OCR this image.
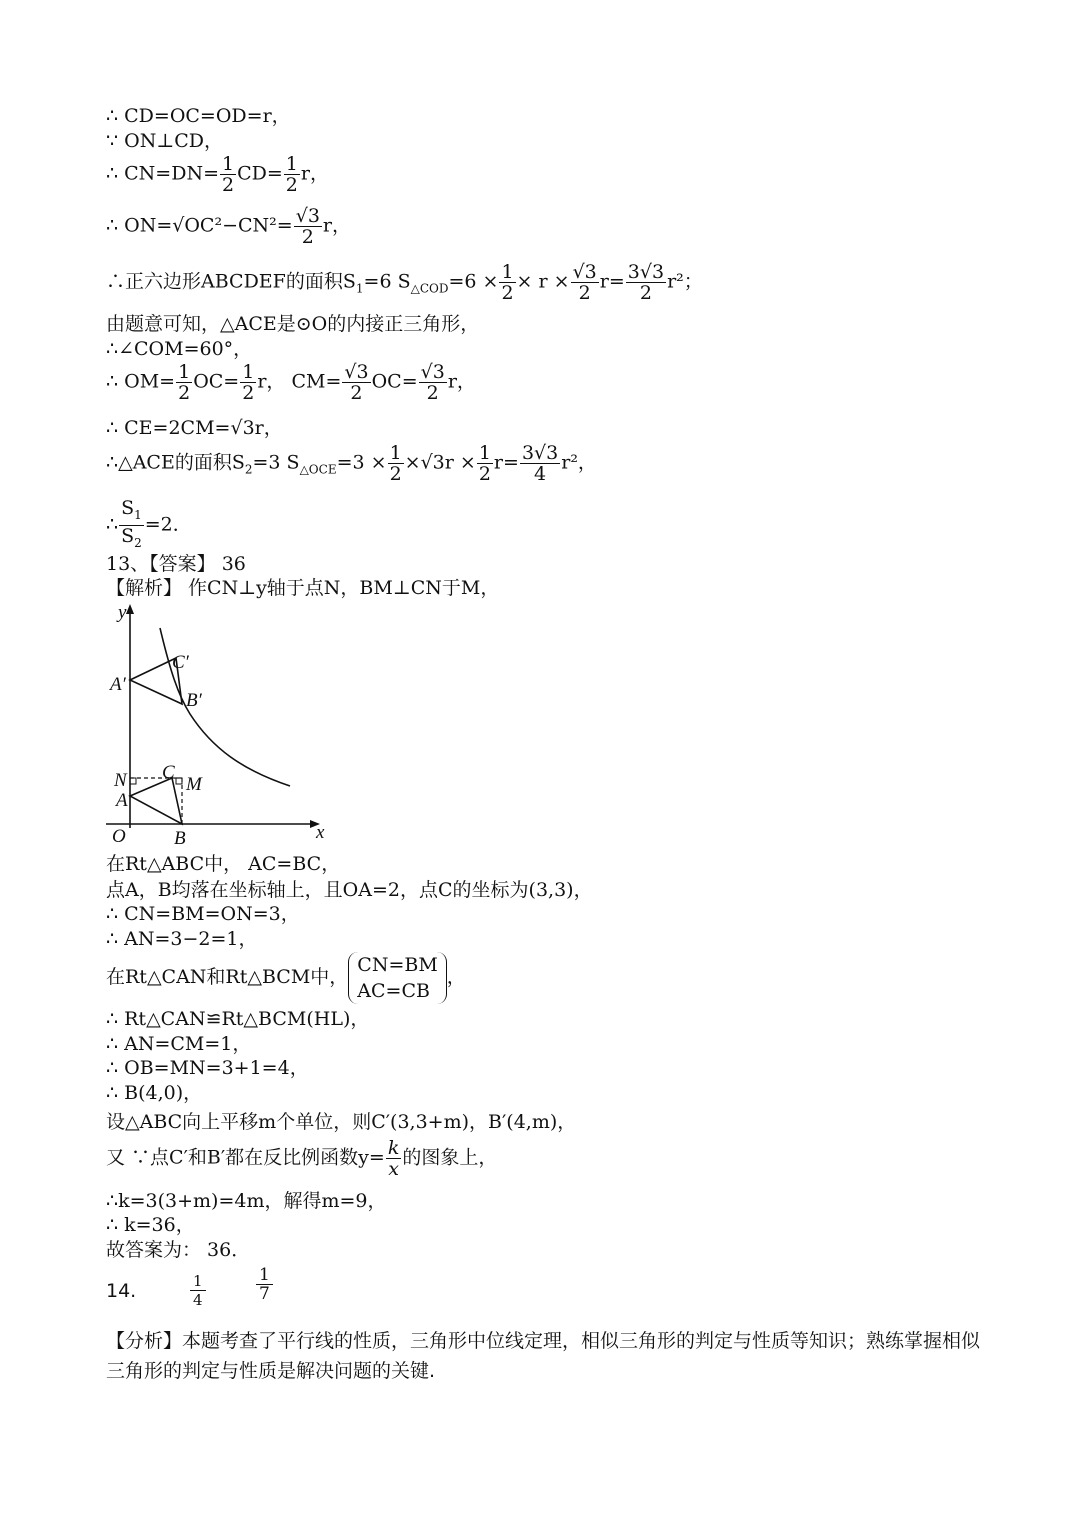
∴ CD=OC=OD=r，
∵ ON⊥CD，
∴ $CN=DN= \frac{1}{2} CD= \frac{1}{2}$ r，
∴ $ON=√OC^2-CN^2= \frac{√3}{2}$ r，
∴正六边形ABCDEF的面积$S_1=6$ $S_{\triangle COD}=6 \times \frac{1}{2} \times r \times \frac{√3}{2} r= \frac{3√3}{2} r^2$；
由题意可知，△ACE是⊙O的内接正三角形，
∴∠COM=60°，
∴ $OM= \frac{1}{2} OC= \frac{1}{2}$ r， $CM= \frac{√3}{2} OC= \frac{√3}{2}$ r，
∴ CE=2CM=√3r，
∴△ACE的面积$S_2=3$ $S_{\triangle OCE}=3 \times \frac{1}{2} \times√3r \times \frac{1}{2} r= \frac{3√3}{4} r^2$，
∴ $\frac{S_1}{S_2} =2$．
13、【答案】 36
【解析】 作CN⊥y轴于点N，BM⊥CN于M，
y
x
O
A
N C
M
B
A′
B′
C′
在Rt△ABC中， AC=BC，
点A，B均落在坐标轴上，且OA=2，点C的坐标为(3,3)，
∴ CN=BM=ON=3，
∴ AN=3−2=1，
在Rt△CAN和Rt△BCM中，
CN=BM
AC=CB
，
∴ Rt△CAN≌Rt△BCM(HL)，
∴ AN=CM=1，
∴ OB=MN=3+1=4，
∴ B(4,0)，
设△ABC向上平移m个单位，则C′(3,3+m)，B′(4,m)，
又 ∵点C′和B′都在反比例函数$y= \frac{k}{x}$ 的图象上，
∴k=3(3+m)=4m，解得m=9，
∴ k=36，
故答案为： 36．
14.	1
4
1
7
【分析】本题考查了平行线的性质，三角形中位线定理，相似三角形的判定与性质等知识；熟练掌握相似三角形的判定与性质是解决问题的关键.
